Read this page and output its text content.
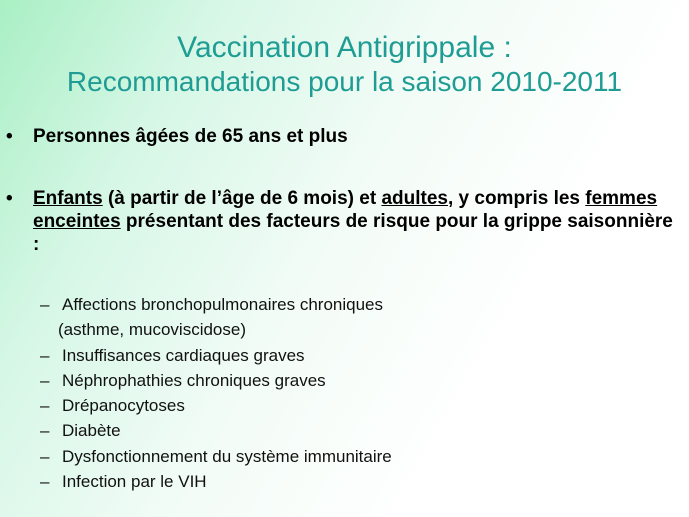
Vaccination Antigrippale :
Recommandations pour la saison 2010-2011
• Personnes âgées de 65 ans et plus
• Enfants (à partir de l’âge de 6 mois) et adultes, y compris les femmes enceintes présentant des facteurs de risque pour la grippe saisonnière :
– Affections bronchopulmonaires chroniques
(asthme, mucoviscidose)
– Insuffisances cardiaques graves
– Néphrophathies chroniques graves
– Drépanocytoses
– Diabète
– Dysfonctionnement du système immunitaire
– Infection par le VIH
